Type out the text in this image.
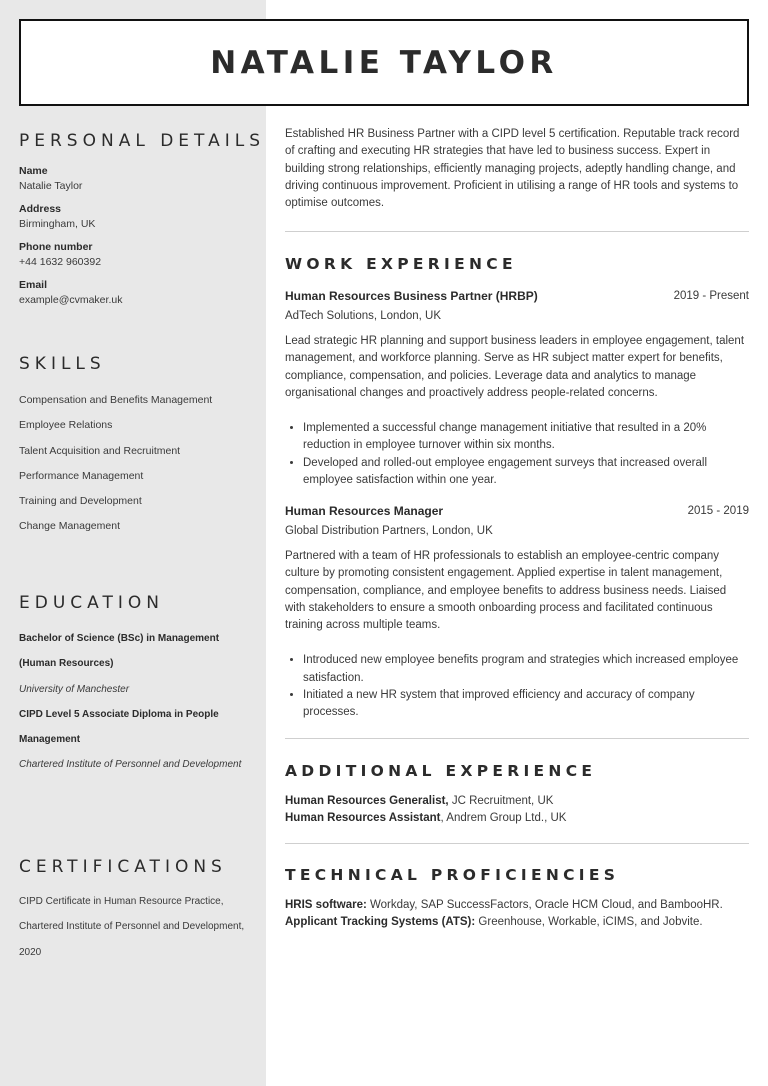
NATALIE TAYLOR
PERSONAL DETAILS
Name
Natalie Taylor
Address
Birmingham, UK
Phone number
+44 1632 960392
Email
example@cvmaker.uk
SKILLS
Compensation and Benefits Management
Employee Relations
Talent Acquisition and Recruitment
Performance Management
Training and Development
Change Management
EDUCATION

Bachelor of Science (BSc) in Management (Human Resources)

University of Manchester

CIPD Level 5 Associate Diploma in People Management

Chartered Institute of Personnel and Development

CERTIFICATIONS

CIPD Certificate in Human Resource Practice, Chartered Institute of Personnel and Development, 2020

Established HR Business Partner with a CIPD level 5 certification. Reputable track record of crafting and executing HR strategies that have led to business success. Expert in building strong relationships, efficiently managing projects, adeptly handling change, and driving continuous improvement. Proficient in utilising a range of HR tools and systems to optimise outcomes.

WORK EXPERIENCE
Human Resources Business Partner (HRBP)	2019 - Present
AdTech Solutions, London, UK

Lead strategic HR planning and support business leaders in employee engagement, talent management, and workforce planning. Serve as HR subject matter expert for benefits, compliance, compensation, and policies. Leverage data and analytics to manage organisational changes and proactively address people-related concerns.

• Implemented a successful change management initiative that resulted in a 20% reduction in employee turnover within six months.
• Developed and rolled-out employee engagement surveys that increased overall employee satisfaction within one year.
Human Resources Manager	2015 - 2019
Global Distribution Partners, London, UK

Partnered with a team of HR professionals to establish an employee-centric company culture by promoting consistent engagement. Applied expertise in talent management, compensation, compliance, and employee benefits to address business needs. Liaised with stakeholders to ensure a smooth onboarding process and facilitated continuous training across multiple teams.

• Introduced new employee benefits program and strategies which increased employee satisfaction.
• Initiated a new HR system that improved efficiency and accuracy of company processes.
ADDITIONAL EXPERIENCE
Human Resources Generalist, JC Recruitment, UK
Human Resources Assistant, Andrem Group Ltd., UK
TECHNICAL PROFICIENCIES
HRIS software: Workday, SAP SuccessFactors, Oracle HCM Cloud, and BambooHR.
Applicant Tracking Systems (ATS): Greenhouse, Workable, iCIMS, and Jobvite.
